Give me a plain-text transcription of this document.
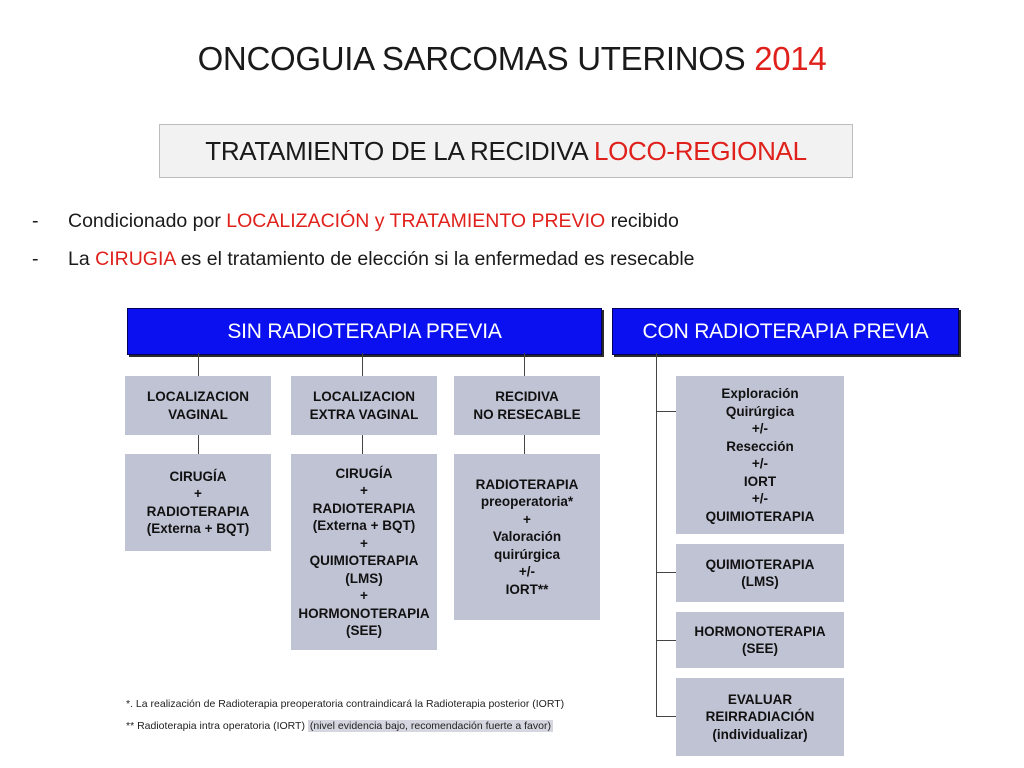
ONCOGUIA SARCOMAS UTERINOS 2014
TRATAMIENTO DE LA RECIDIVA LOCO-REGIONAL
- Condicionado por LOCALIZACIÓN y TRATAMIENTO PREVIO recibido
- La CIRUGIA es el tratamiento de elección si la enfermedad es resecable
SIN RADIOTERAPIA PREVIA	CON RADIOTERAPIA PREVIA
LOCALIZACION
VAGINAL
LOCALIZACION
EXTRA VAGINAL
RECIDIVA
NO RESECABLE
CIRUGÍA
+
RADIOTERAPIA
(Externa + BQT)
CIRUGÍA
+
RADIOTERAPIA
(Externa + BQT)
+
QUIMIOTERAPIA
(LMS)
+
HORMONOTERAPIA
(SEE)
RADIOTERAPIA
preoperatoria*
+
Valoración
quirúrgica
+/-
IORT**
Exploración
Quirúrgica
+/-
Resección
+/-
IORT
+/-
QUIMIOTERAPIA
QUIMIOTERAPIA
(LMS)
HORMONOTERAPIA
(SEE)
EVALUAR
REIRRADIACIÓN
(individualizar)
*. La realización de Radioterapia preoperatoria contraindicará la Radioterapia posterior (IORT)
** Radioterapia intra operatoria (IORT) (nivel evidencia bajo, recomendación fuerte a favor)
